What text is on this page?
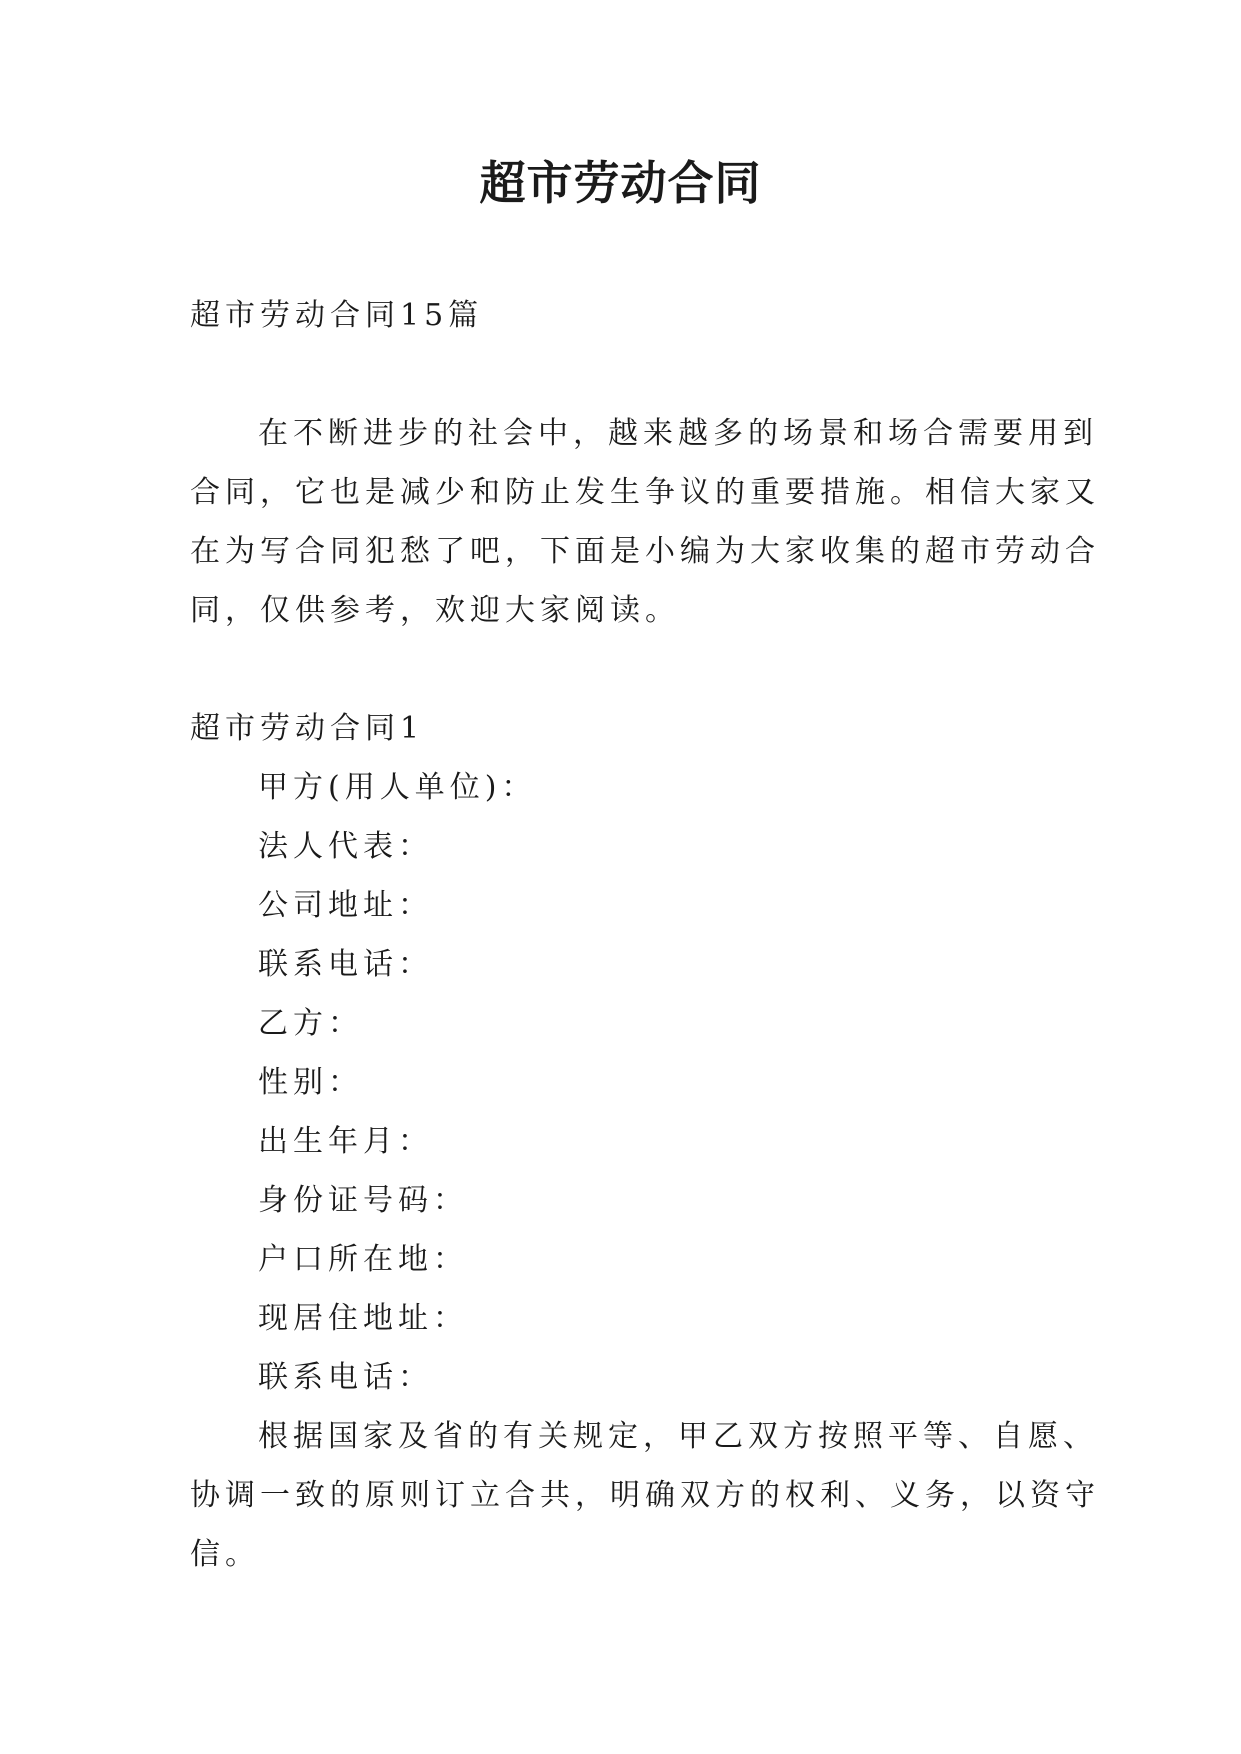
超市劳动合同

超市劳动合同15篇

在不断进步的社会中，越来越多的场景和场合需要用到

合同，它也是减少和防止发生争议的重要措施。相信大家又

在为写合同犯愁了吧，下面是小编为大家收集的超市劳动合

同，仅供参考，欢迎大家阅读。

超市劳动合同1

甲方(用人单位)：

法人代表：

公司地址：

联系电话：

乙方：

性别：

出生年月：

身份证号码：

户口所在地：

现居住地址：

联系电话：

根据国家及省的有关规定，甲乙双方按照平等、自愿、

协调一致的原则订立合共，明确双方的权利、义务，以资守

信。
